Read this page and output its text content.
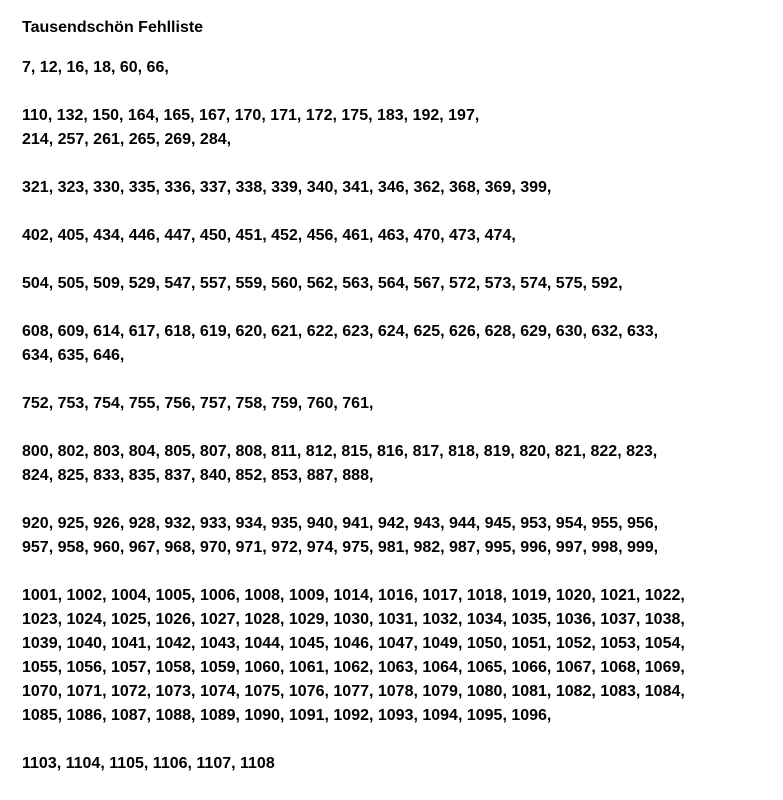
Tausendschön Fehlliste
7, 12, 16, 18, 60, 66,
110, 132, 150, 164, 165, 167, 170, 171, 172, 175, 183, 192, 197,
214, 257, 261, 265, 269, 284,
321, 323, 330, 335, 336, 337, 338, 339, 340, 341, 346, 362, 368, 369, 399,
402, 405, 434, 446, 447, 450, 451, 452, 456, 461, 463, 470, 473, 474,
504, 505, 509, 529, 547, 557, 559, 560, 562, 563, 564, 567, 572, 573, 574, 575, 592,
608, 609, 614, 617, 618, 619, 620, 621, 622, 623, 624, 625, 626, 628, 629, 630, 632, 633,
634, 635, 646,
752, 753, 754, 755, 756, 757, 758, 759, 760, 761,
800, 802, 803, 804, 805, 807, 808, 811, 812, 815, 816, 817, 818, 819, 820, 821, 822, 823,
824, 825, 833, 835, 837, 840, 852, 853, 887, 888,
920, 925, 926, 928, 932, 933, 934, 935, 940, 941, 942, 943, 944, 945, 953, 954, 955, 956,
957, 958, 960, 967, 968, 970, 971, 972, 974, 975, 981, 982, 987, 995, 996, 997, 998, 999,
1001, 1002, 1004, 1005, 1006, 1008, 1009, 1014, 1016, 1017, 1018, 1019, 1020, 1021, 1022,
1023, 1024, 1025, 1026, 1027, 1028, 1029, 1030, 1031, 1032, 1034, 1035, 1036, 1037, 1038,
1039, 1040, 1041, 1042, 1043, 1044, 1045, 1046, 1047, 1049, 1050, 1051, 1052, 1053, 1054,
1055, 1056, 1057, 1058, 1059, 1060, 1061, 1062, 1063, 1064, 1065, 1066, 1067, 1068, 1069,
1070, 1071, 1072, 1073, 1074, 1075, 1076, 1077, 1078, 1079, 1080, 1081, 1082, 1083, 1084,
1085, 1086, 1087, 1088, 1089, 1090, 1091, 1092, 1093, 1094, 1095, 1096,
1103, 1104, 1105, 1106, 1107, 1108
